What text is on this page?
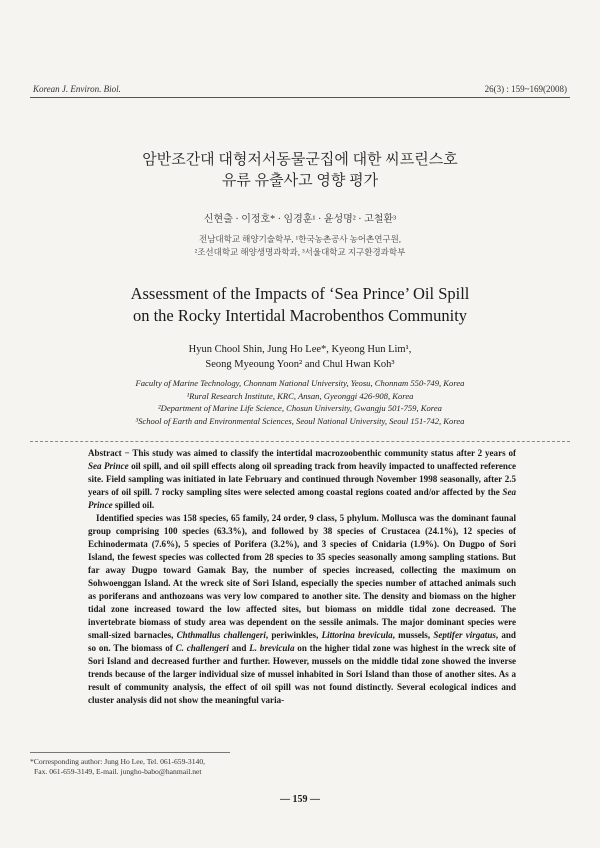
Korean J. Environ. Biol.	26(3) : 159~169(2008)
암반조간대 대형저서동물군집에 대한 씨프린스호
유류 유출사고 영향 평가
신현출 · 이정호* · 임경훈¹ · 윤성명² · 고철환³
전남대학교 해양기술학부, ¹한국농촌공사 농어촌연구원,
²조선대학교 해양생명과학과, ³서울대학교 지구환경과학부
Assessment of the Impacts of ‘Sea Prince’ Oil Spill
on the Rocky Intertidal Macrobenthos Community
Hyun Chool Shin, Jung Ho Lee*, Kyeong Hun Lim¹,
Seong Myeoung Yoon² and Chul Hwan Koh³
Faculty of Marine Technology, Chonnam National University, Yeosu, Chonnam 550-749, Korea
¹Rural Research Institute, KRC, Ansan, Gyeonggi 426-908, Korea
²Department of Marine Life Science, Chosun University, Gwangju 501-759, Korea
³School of Earth and Environmental Sciences, Seoul National University, Seoul 151-742, Korea

Abstract − This study was aimed to classify the intertidal macrozoobenthic community status after 2 years of Sea Prince oil spill, and oil spill effects along oil spreading track from heavily impacted to unaffected reference site. Field sampling was initiated in late February and continued through November 1998 seasonally, after 2.5 years of oil spill. 7 rocky sampling sites were selected among coastal regions coated and/or affected by the Sea Prince spilled oil.

Identified species was 158 species, 65 family, 24 order, 9 class, 5 phylum. Mollusca was the dominant faunal group comprising 100 species (63.3%), and followed by 38 species of Crustacea (24.1%), 12 species of Echinodermata (7.6%), 5 species of Porifera (3.2%), and 3 species of Cnidaria (1.9%). On Dugpo of Sori Island, the fewest species was collected from 28 species to 35 species seasonally among sampling stations. But far away Dugpo toward Gamak Bay, the number of species increased, collecting the maximum on Sohwoenggan Island. At the wreck site of Sori Island, especially the species number of attached animals such as poriferans and anthozoans was very low compared to another site. The density and biomass on the higher tidal zone increased toward the low affected sites, but biomass on middle tidal zone decreased. The invertebrate biomass of study area was dependent on the sessile animals. The major dominant species were small-sized barnacles, Chthmallus challengeri, periwinkles, Littorina brevicula, mussels, Septifer virgatus, and so on. The biomass of C. challengeri and L. brevicula on the higher tidal zone was highest in the wreck site of Sori Island and decreased further and further. However, mussels on the middle tidal zone showed the inverse trends because of the larger individual size of mussel inhabited in Sori Island than those of another sites. As a result of community analysis, the effect of oil spill was not found distinctly. Several ecological indices and cluster analysis did not show the meaningful varia-

*Corresponding author: Jung Ho Lee, Tel. 061-659-3140,
Fax. 061-659-3149, E-mail. jungho-babo@hanmail.net
— 159 —
